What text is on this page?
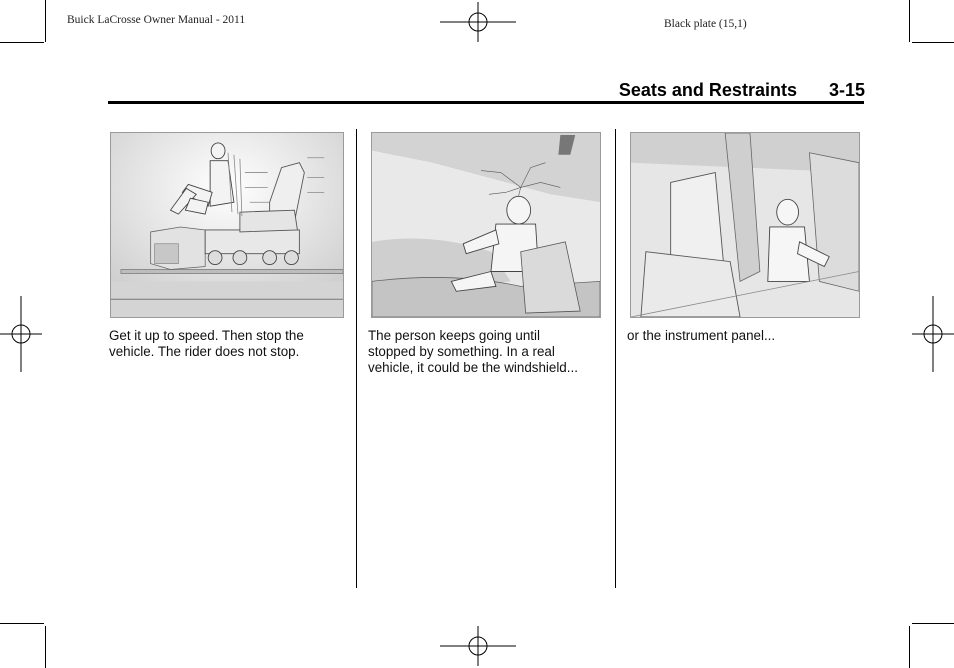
Buick LaCrosse Owner Manual - 2011	Black plate (15,1)
Seats and Restraints 3-15
Get it up to speed. Then stop the
vehicle. The rider does not stop.
The person keeps going until
stopped by something. In a real
vehicle, it could be the windshield...
or the instrument panel...
